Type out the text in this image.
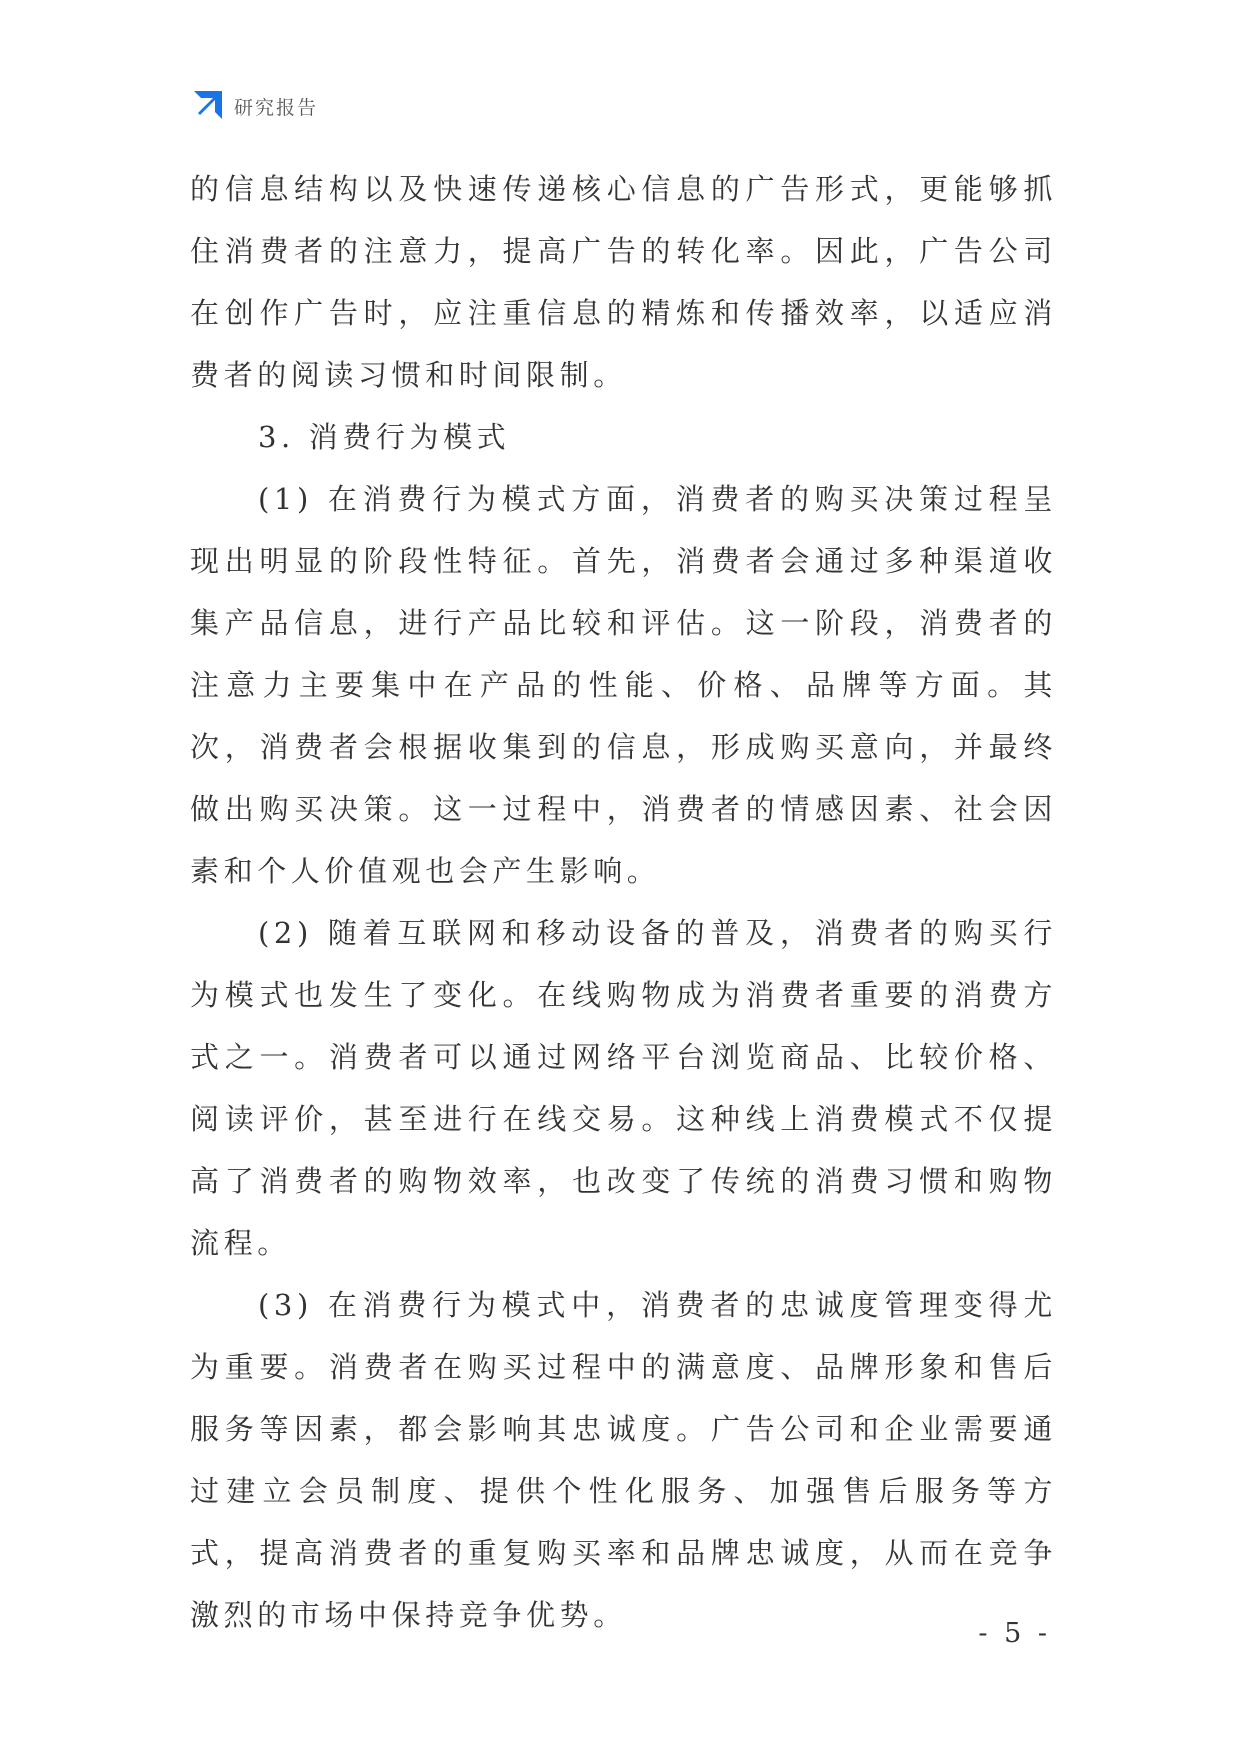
研究报告

的信息结构以及快速传递核心信息的广告形式，更能够抓住消费者的注意力，提高广告的转化率。因此，广告公司在创作广告时，应注重信息的精炼和传播效率，以适应消费者的阅读习惯和时间限制。

3. 消费行为模式

(1) 在消费行为模式方面，消费者的购买决策过程呈现出明显的阶段性特征。首先，消费者会通过多种渠道收集产品信息，进行产品比较和评估。这一阶段，消费者的注意力主要集中在产品的性能、价格、品牌等方面。其次，消费者会根据收集到的信息，形成购买意向，并最终做出购买决策。这一过程中，消费者的情感因素、社会因素和个人价值观也会产生影响。

(2) 随着互联网和移动设备的普及，消费者的购买行为模式也发生了变化。在线购物成为消费者重要的消费方式之一。消费者可以通过网络平台浏览商品、比较价格、阅读评价，甚至进行在线交易。这种线上消费模式不仅提高了消费者的购物效率，也改变了传统的消费习惯和购物流程。

(3) 在消费行为模式中，消费者的忠诚度管理变得尤为重要。消费者在购买过程中的满意度、品牌形象和售后服务等因素，都会影响其忠诚度。广告公司和企业需要通过建立会员制度、提供个性化服务、加强售后服务等方式，提高消费者的重复购买率和品牌忠诚度，从而在竞争激烈的市场中保持竞争优势。

- 5 -
